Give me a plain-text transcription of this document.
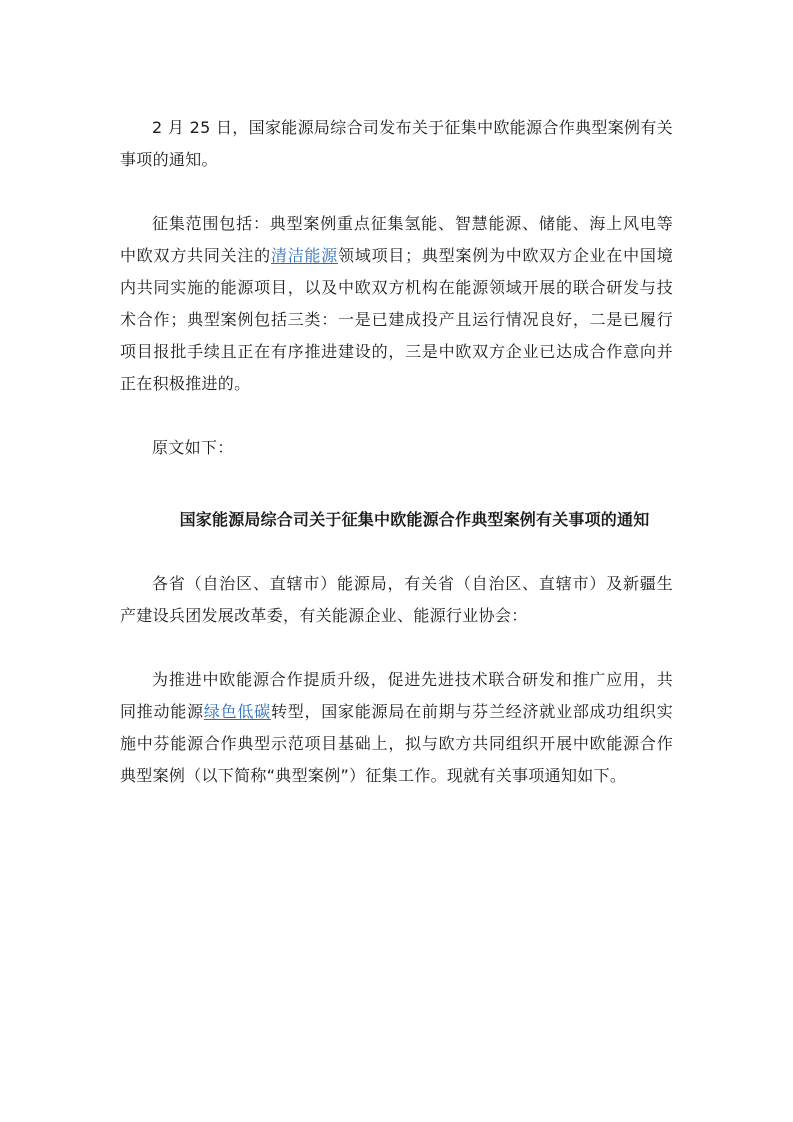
2 月 25 日，国家能源局综合司发布关于征集中欧能源合作典型案例有关事项的通知。

征集范围包括：典型案例重点征集氢能、智慧能源、储能、海上风电等中欧双方共同关注的清洁能源领域项目；典型案例为中欧双方企业在中国境内共同实施的能源项目，以及中欧双方机构在能源领域开展的联合研发与技术合作；典型案例包括三类：一是已建成投产且运行情况良好，二是已履行项目报批手续且正在有序推进建设的，三是中欧双方企业已达成合作意向并正在积极推进的。

原文如下：

国家能源局综合司关于征集中欧能源合作典型案例有关事项的通知

各省（自治区、直辖市）能源局，有关省（自治区、直辖市）及新疆生产建设兵团发展改革委，有关能源企业、能源行业协会：

为推进中欧能源合作提质升级，促进先进技术联合研发和推广应用，共同推动能源绿色低碳转型，国家能源局在前期与芬兰经济就业部成功组织实施中芬能源合作典型示范项目基础上，拟与欧方共同组织开展中欧能源合作典型案例（以下简称“典型案例”）征集工作。现就有关事项通知如下。
